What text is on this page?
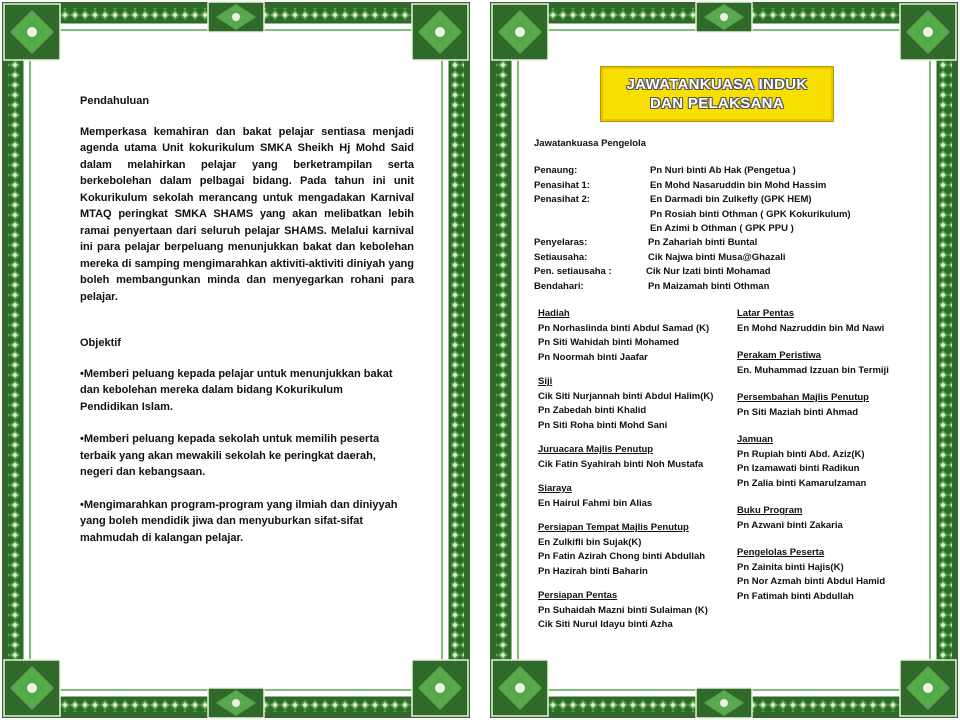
Pendahuluan

Memperkasa kemahiran dan bakat pelajar sentiasa menjadi agenda utama Unit kokurikulum SMKA Sheikh Hj Mohd Said dalam melahirkan pelajar yang berketrampilan serta berkebolehan dalam pelbagai bidang. Pada tahun ini unit Kokurikulum sekolah merancang untuk mengadakan Karnival MTAQ peringkat SMKA SHAMS yang akan melibatkan lebih ramai penyertaan dari seluruh pelajar SHAMS. Melalui karnival ini para pelajar berpeluang menunjukkan bakat dan kebolehan mereka di samping mengimarahkan aktiviti-aktiviti diniyah yang boleh membangunkan minda dan menyegarkan rohani para pelajar.

Objektif

•Memberi peluang kepada pelajar untuk menunjukkan bakat dan kebolehan mereka dalam bidang Kokurikulum Pendidikan Islam.

•Memberi peluang kepada sekolah untuk memilih peserta terbaik yang akan mewakili sekolah ke peringkat daerah, negeri dan kebangsaan.

•Mengimarahkan program-program yang ilmiah dan diniyyah yang boleh mendidik jiwa dan menyuburkan sifat-sifat mahmudah di kalangan pelajar.

JAWATANKUASA INDUK
DAN PELAKSANA
Jawatankuasa Pengelola
Penaung:	Pn Nuri binti Ab Hak (Pengetua )
Penasihat 1:	En Mohd Nasaruddin bin Mohd Hassim
Penasihat 2:	En Darmadi bin Zulkefly (GPK HEM)
Pn Rosiah binti Othman ( GPK Kokurikulum)
En Azimi b Othman ( GPK PPU )
Penyelaras:	Pn Zahariah binti Buntal
Setiausaha:	Cik Najwa binti Musa@Ghazali
Pen. setiausaha :	Cik Nur Izati binti Mohamad
Bendahari:	Pn Maizamah binti Othman
Hadiah
Pn Norhaslinda binti Abdul Samad (K)
Pn Siti Wahidah binti Mohamed
Pn Noormah binti Jaafar
Siji
Cik Siti Nurjannah binti Abdul Halim(K)
Pn Zabedah binti Khalid
Pn Siti Roha binti Mohd Sani
Juruacara Majlis Penutup
Cik Fatin Syahirah binti Noh Mustafa
Siaraya
En Hairul Fahmi bin Alias
Persiapan Tempat Majlis Penutup
En Zulkifli bin Sujak(K)
Pn Fatin Azirah Chong binti Abdullah
Pn Hazirah binti Baharin
Persiapan Pentas
Pn Suhaidah Mazni binti Sulaiman (K)
Cik Siti Nurul Idayu binti Azha
Latar Pentas
En Mohd Nazruddin bin Md Nawi
Perakam Peristiwa
En. Muhammad Izzuan bin Termiji
Persembahan Majlis Penutup
Pn Siti Maziah binti Ahmad
Jamuan
Pn Rupiah binti Abd. Aziz(K)
Pn Izamawati binti Radikun
Pn Zalia binti Kamarulzaman
Buku Program
Pn Azwani binti Zakaria
Pengelolas Peserta
Pn Zainita binti Hajis(K)
Pn Nor Azmah binti Abdul Hamid
Pn Fatimah binti Abdullah
